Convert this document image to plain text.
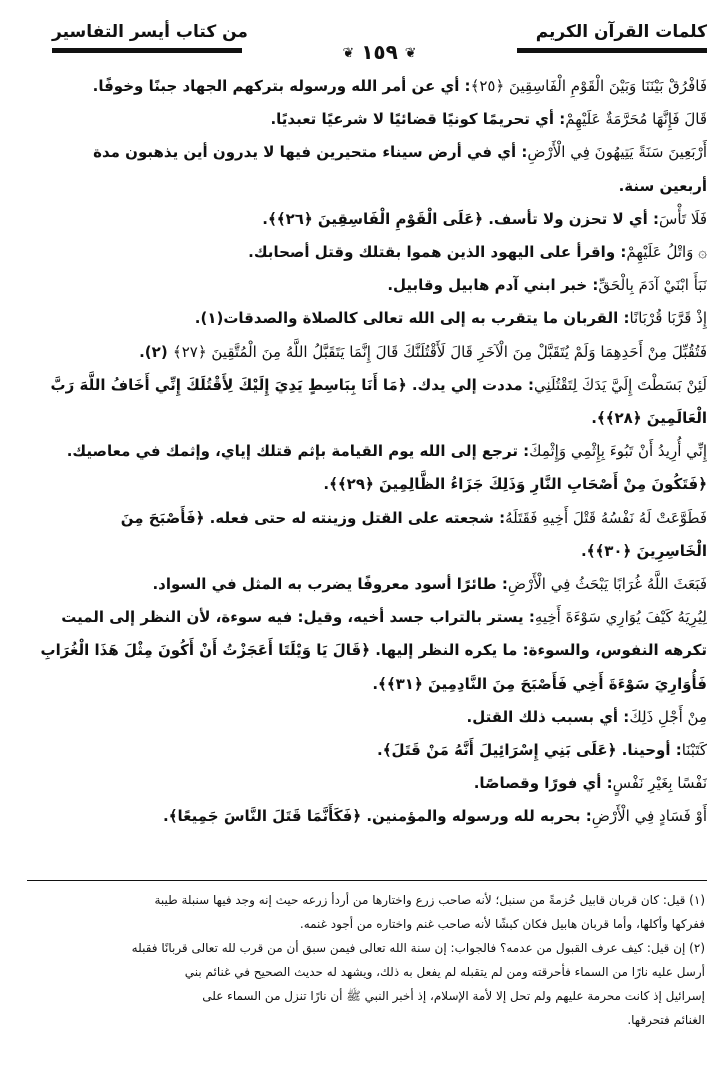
كلمات القرآن الكريم
من كتاب أيسر التفاسير
❦ ١٥٩ ❦
فَافْرُقْ بَيْنَنَا وَبَيْنَ الْقَوْمِ الْفَاسِقِينَ ﴿٢٥﴾: أي عن أمر الله ورسوله بتركهم الجهاد جبنًا وخوفًا.
قَالَ فَإِنَّهَا مُحَرَّمَةٌ عَلَيْهِمْ: أي تحريمًا كونيًا قضائيًا لا شرعيًا تعبديًا.
أَرْبَعِينَ سَنَةً يَتِيهُونَ فِي الْأَرْضِ: أي في أرض سيناء متحيرين فيها لا يدرون أين يذهبون مدة
أربعين سنة.
فَلَا تَأْسَ: أي لا تحزن ولا تأسف. ﴿عَلَى الْقَوْمِ الْفَاسِقِينَ ﴿٢٦﴾﴾.
۞ وَاتْلُ عَلَيْهِمْ: واقرأ على اليهود الذين هموا بقتلك وقتل أصحابك.
نَبَأَ ابْنَيْ آدَمَ بِالْحَقِّ: خبر ابني آدم هابيل وقابيل.
إِذْ قَرَّبَا قُرْبَانًا: القربان ما يتقرب به إلى الله تعالى كالصلاة والصدقات(١).
فَتُقُبِّلَ مِنْ أَحَدِهِمَا وَلَمْ يُتَقَبَّلْ مِنَ الْآخَرِ قَالَ لَأَقْتُلَنَّكَ قَالَ إِنَّمَا يَتَقَبَّلُ اللَّهُ مِنَ الْمُتَّقِينَ ﴿٢٧﴾ (٢).
لَئِنْ بَسَطْتَ إِلَيَّ يَدَكَ لِتَقْتُلَنِي: مددت إلي يدك. ﴿مَا أَنَا بِبَاسِطٍ يَدِيَ إِلَيْكَ لِأَقْتُلَكَ إِنِّي أَخَافُ اللَّهَ رَبَّ
الْعَالَمِينَ ﴿٢٨﴾﴾.
إِنِّي أُرِيدُ أَنْ تَبُوءَ بِإِثْمِي وَإِثْمِكَ: ترجع إلى الله يوم القيامة بإثم قتلك إياي، وإثمك في معاصيك.
﴿فَتَكُونَ مِنْ أَصْحَابِ النَّارِ وَذَلِكَ جَزَاءُ الظَّالِمِينَ ﴿٢٩﴾﴾.
فَطَوَّعَتْ لَهُ نَفْسُهُ قَتْلَ أَخِيهِ فَقَتَلَهُ: شجعته على القتل وزينته له حتى فعله. ﴿فَأَصْبَحَ مِنَ
الْخَاسِرِينَ ﴿٣٠﴾﴾.
فَبَعَثَ اللَّهُ غُرَابًا يَبْحَثُ فِي الْأَرْضِ: طائرًا أسود معروفًا يضرب به المثل في السواد.
لِيُرِيَهُ كَيْفَ يُوَارِي سَوْءَةَ أَخِيهِ: يستر بالتراب جسد أخيه، وقيل: فيه سوءة، لأن النظر إلى الميت
تكرهه النفوس، والسوءة: ما يكره النظر إليها. ﴿قَالَ يَا وَيْلَتَا أَعَجَزْتُ أَنْ أَكُونَ مِثْلَ هَذَا الْغُرَابِ
فَأُوَارِيَ سَوْءَةَ أَخِي فَأَصْبَحَ مِنَ النَّادِمِينَ ﴿٣١﴾﴾.
مِنْ أَجْلِ ذَلِكَ: أي بسبب ذلك القتل.
كَتَبْنَا: أوحينا. ﴿عَلَى بَنِي إِسْرَائِيلَ أَنَّهُ مَنْ قَتَلَ﴾.
نَفْسًا بِغَيْرِ نَفْسٍ: أي فورًا وقصاصًا.
أَوْ فَسَادٍ فِي الْأَرْضِ: بحربه لله ورسوله والمؤمنين. ﴿فَكَأَنَّمَا قَتَلَ النَّاسَ جَمِيعًا﴾.

(١) قيل: كان قربان قابيل حُزمةً من سنبل؛ لأنه صاحب زرع واختارها من أردأ زرعه حيث إنه وجد فيها سنبلة طيبة

ففركها وأكلها، وأما قربان هابيل فكان كبشًا لأنه صاحب غنم واختاره من أجود غنمه.

(٢) إن قيل: كيف عرف القبول من عدمه؟ فالجواب: إن سنة الله تعالى فيمن سبق أن من قرب لله تعالى قربانًا فقبله

أرسل عليه نارًا من السماء فأحرقته ومن لم يتقبله لم يفعل به ذلك، ويشهد له حديث الصحيح في غنائم بني

إسرائيل إذ كانت محرمة عليهم ولم تحل إلا لأمة الإسلام، إذ أخبر النبي ﷺ أن نارًا تنزل من السماء على

الغنائم فتحرقها.
